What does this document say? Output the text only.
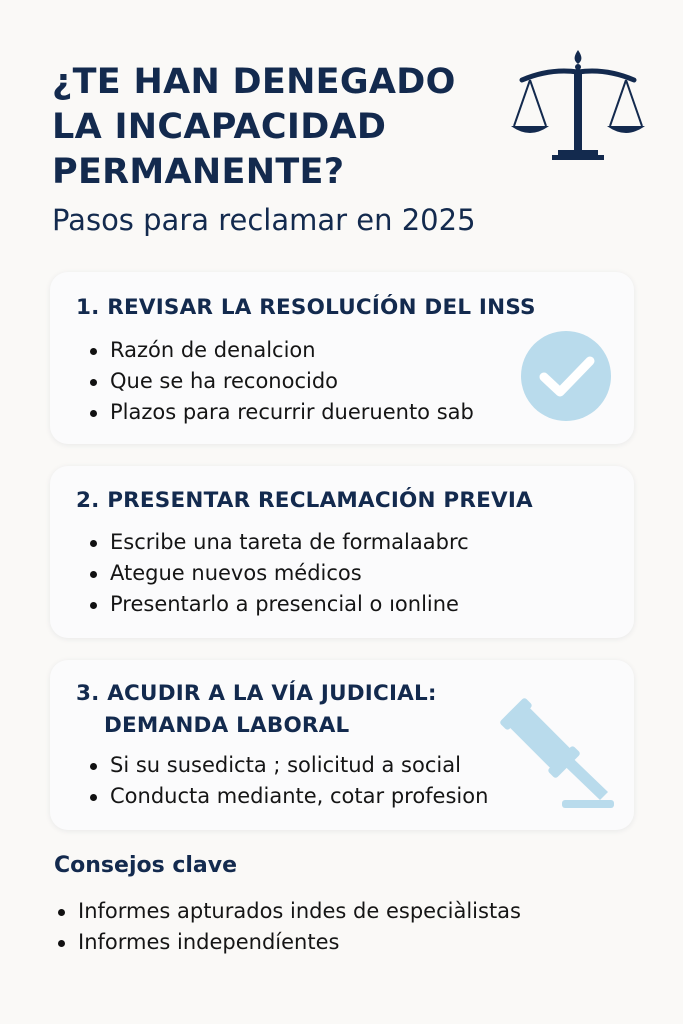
¿TE HAN DENEGADO
LA INCAPACIDAD
PERMANENTE?

Pasos para reclamar en 2025

1. REVISAR LA RESOLUCÍÓN DEL INSS
Razón de denalcion
Que se ha reconocido
Plazos para recurrir dueruento sab
2. PRESENTAR RECLAMACIÓN PREVIA
Escribe una tareta de formalaabrc
Ategue nuevos médicos
Presentarlo a presencial o ıonline
3. ACUDIR A LA VÍA JUDICIAL:
DEMANDA LABORAL
Si su susedicta ; solicitud a social
Conducta mediante, cotar profesion
Consejos clave
Informes apturados indes de especiàlistas
Informes independíentes
